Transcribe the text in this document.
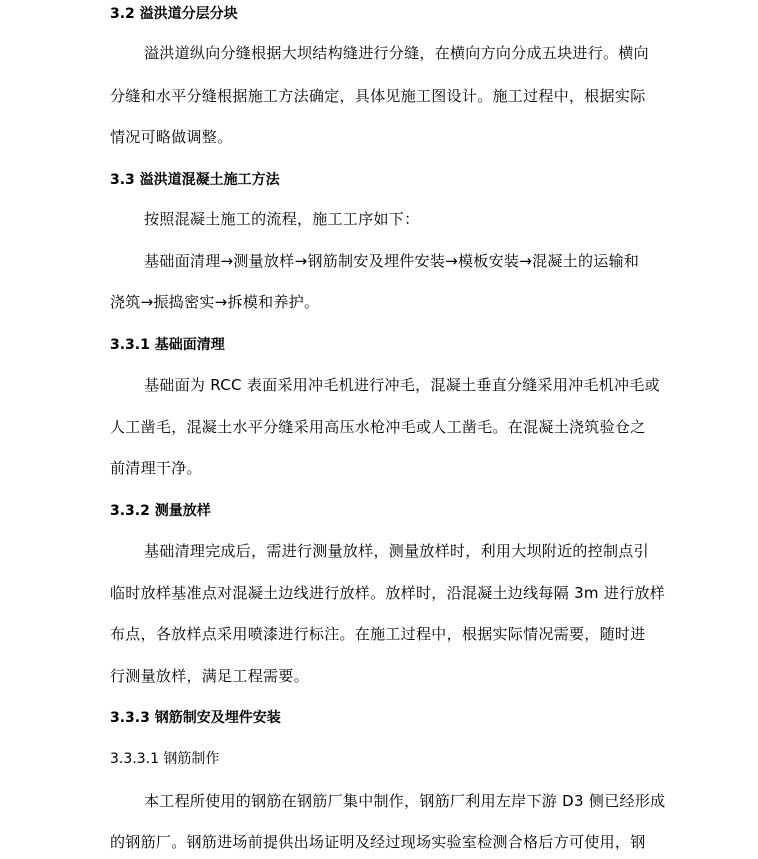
3.2 溢洪道分层分块
溢洪道纵向分缝根据大坝结构缝进行分缝，在横向方向分成五块进行。横向
分缝和水平分缝根据施工方法确定，具体见施工图设计。施工过程中，根据实际
情况可略做调整。
3.3 溢洪道混凝土施工方法
按照混凝土施工的流程，施工工序如下：
基础面清理→测量放样→钢筋制安及埋件安装→模板安装→混凝土的运输和
浇筑→振捣密实→拆模和养护。
3.3.1 基础面清理
基础面为 RCC 表面采用冲毛机进行冲毛，混凝土垂直分缝采用冲毛机冲毛或
人工凿毛，混凝土水平分缝采用高压水枪冲毛或人工凿毛。在混凝土浇筑验仓之
前清理干净。
3.3.2 测量放样
基础清理完成后，需进行测量放样，测量放样时，利用大坝附近的控制点引
临时放样基准点对混凝土边线进行放样。放样时，沿混凝土边线每隔 3m 进行放样
布点，各放样点采用喷漆进行标注。在施工过程中，根据实际情况需要，随时进
行测量放样，满足工程需要。
3.3.3 钢筋制安及埋件安装
3.3.3.1 钢筋制作
本工程所使用的钢筋在钢筋厂集中制作，钢筋厂利用左岸下游 D3 侧已经形成
的钢筋厂。钢筋进场前提供出场证明及经过现场实验室检测合格后方可使用，钢
